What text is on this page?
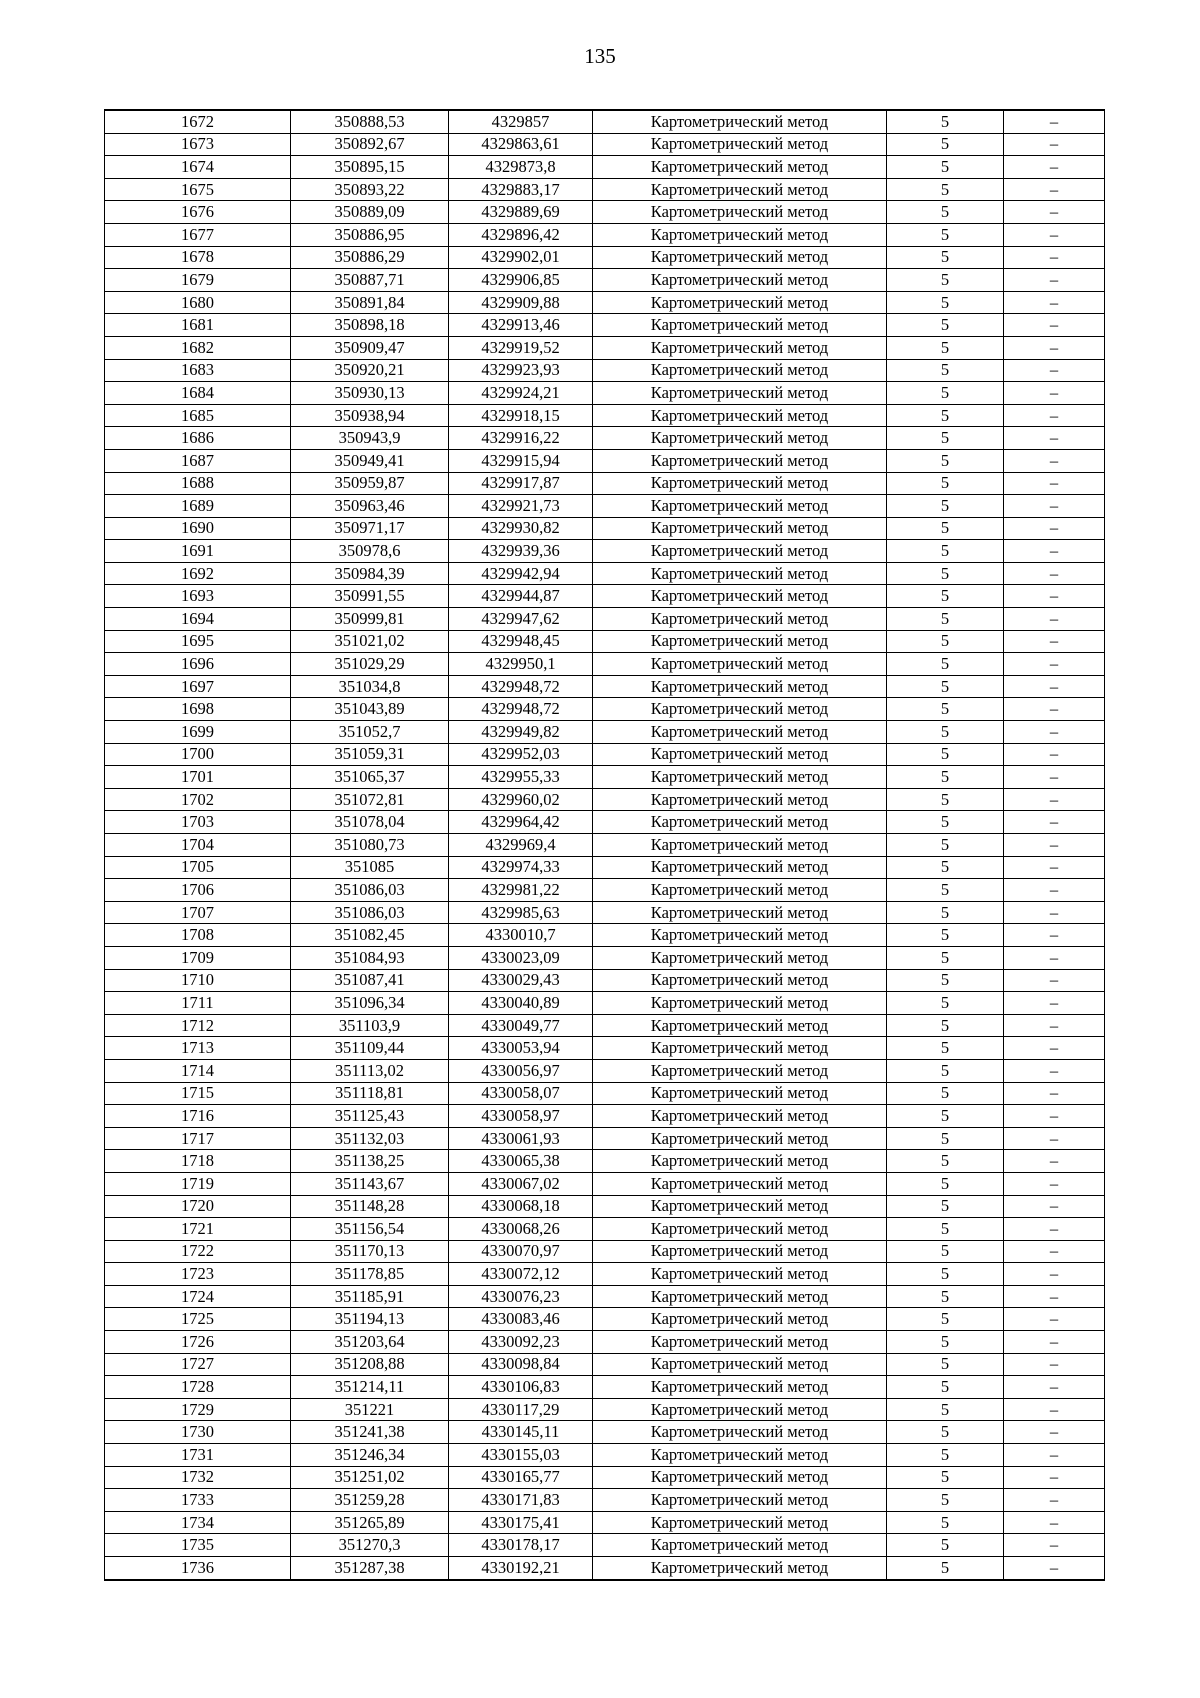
135
1672	350888,53	4329857	Картометрический метод	5	–
1673	350892,67	4329863,61	Картометрический метод	5	–
1674	350895,15	4329873,8	Картометрический метод	5	–
1675	350893,22	4329883,17	Картометрический метод	5	–
1676	350889,09	4329889,69	Картометрический метод	5	–
1677	350886,95	4329896,42	Картометрический метод	5	–
1678	350886,29	4329902,01	Картометрический метод	5	–
1679	350887,71	4329906,85	Картометрический метод	5	–
1680	350891,84	4329909,88	Картометрический метод	5	–
1681	350898,18	4329913,46	Картометрический метод	5	–
1682	350909,47	4329919,52	Картометрический метод	5	–
1683	350920,21	4329923,93	Картометрический метод	5	–
1684	350930,13	4329924,21	Картометрический метод	5	–
1685	350938,94	4329918,15	Картометрический метод	5	–
1686	350943,9	4329916,22	Картометрический метод	5	–
1687	350949,41	4329915,94	Картометрический метод	5	–
1688	350959,87	4329917,87	Картометрический метод	5	–
1689	350963,46	4329921,73	Картометрический метод	5	–
1690	350971,17	4329930,82	Картометрический метод	5	–
1691	350978,6	4329939,36	Картометрический метод	5	–
1692	350984,39	4329942,94	Картометрический метод	5	–
1693	350991,55	4329944,87	Картометрический метод	5	–
1694	350999,81	4329947,62	Картометрический метод	5	–
1695	351021,02	4329948,45	Картометрический метод	5	–
1696	351029,29	4329950,1	Картометрический метод	5	–
1697	351034,8	4329948,72	Картометрический метод	5	–
1698	351043,89	4329948,72	Картометрический метод	5	–
1699	351052,7	4329949,82	Картометрический метод	5	–
1700	351059,31	4329952,03	Картометрический метод	5	–
1701	351065,37	4329955,33	Картометрический метод	5	–
1702	351072,81	4329960,02	Картометрический метод	5	–
1703	351078,04	4329964,42	Картометрический метод	5	–
1704	351080,73	4329969,4	Картометрический метод	5	–
1705	351085	4329974,33	Картометрический метод	5	–
1706	351086,03	4329981,22	Картометрический метод	5	–
1707	351086,03	4329985,63	Картометрический метод	5	–
1708	351082,45	4330010,7	Картометрический метод	5	–
1709	351084,93	4330023,09	Картометрический метод	5	–
1710	351087,41	4330029,43	Картометрический метод	5	–
1711	351096,34	4330040,89	Картометрический метод	5	–
1712	351103,9	4330049,77	Картометрический метод	5	–
1713	351109,44	4330053,94	Картометрический метод	5	–
1714	351113,02	4330056,97	Картометрический метод	5	–
1715	351118,81	4330058,07	Картометрический метод	5	–
1716	351125,43	4330058,97	Картометрический метод	5	–
1717	351132,03	4330061,93	Картометрический метод	5	–
1718	351138,25	4330065,38	Картометрический метод	5	–
1719	351143,67	4330067,02	Картометрический метод	5	–
1720	351148,28	4330068,18	Картометрический метод	5	–
1721	351156,54	4330068,26	Картометрический метод	5	–
1722	351170,13	4330070,97	Картометрический метод	5	–
1723	351178,85	4330072,12	Картометрический метод	5	–
1724	351185,91	4330076,23	Картометрический метод	5	–
1725	351194,13	4330083,46	Картометрический метод	5	–
1726	351203,64	4330092,23	Картометрический метод	5	–
1727	351208,88	4330098,84	Картометрический метод	5	–
1728	351214,11	4330106,83	Картометрический метод	5	–
1729	351221	4330117,29	Картометрический метод	5	–
1730	351241,38	4330145,11	Картометрический метод	5	–
1731	351246,34	4330155,03	Картометрический метод	5	–
1732	351251,02	4330165,77	Картометрический метод	5	–
1733	351259,28	4330171,83	Картометрический метод	5	–
1734	351265,89	4330175,41	Картометрический метод	5	–
1735	351270,3	4330178,17	Картометрический метод	5	–
1736	351287,38	4330192,21	Картометрический метод	5	–
